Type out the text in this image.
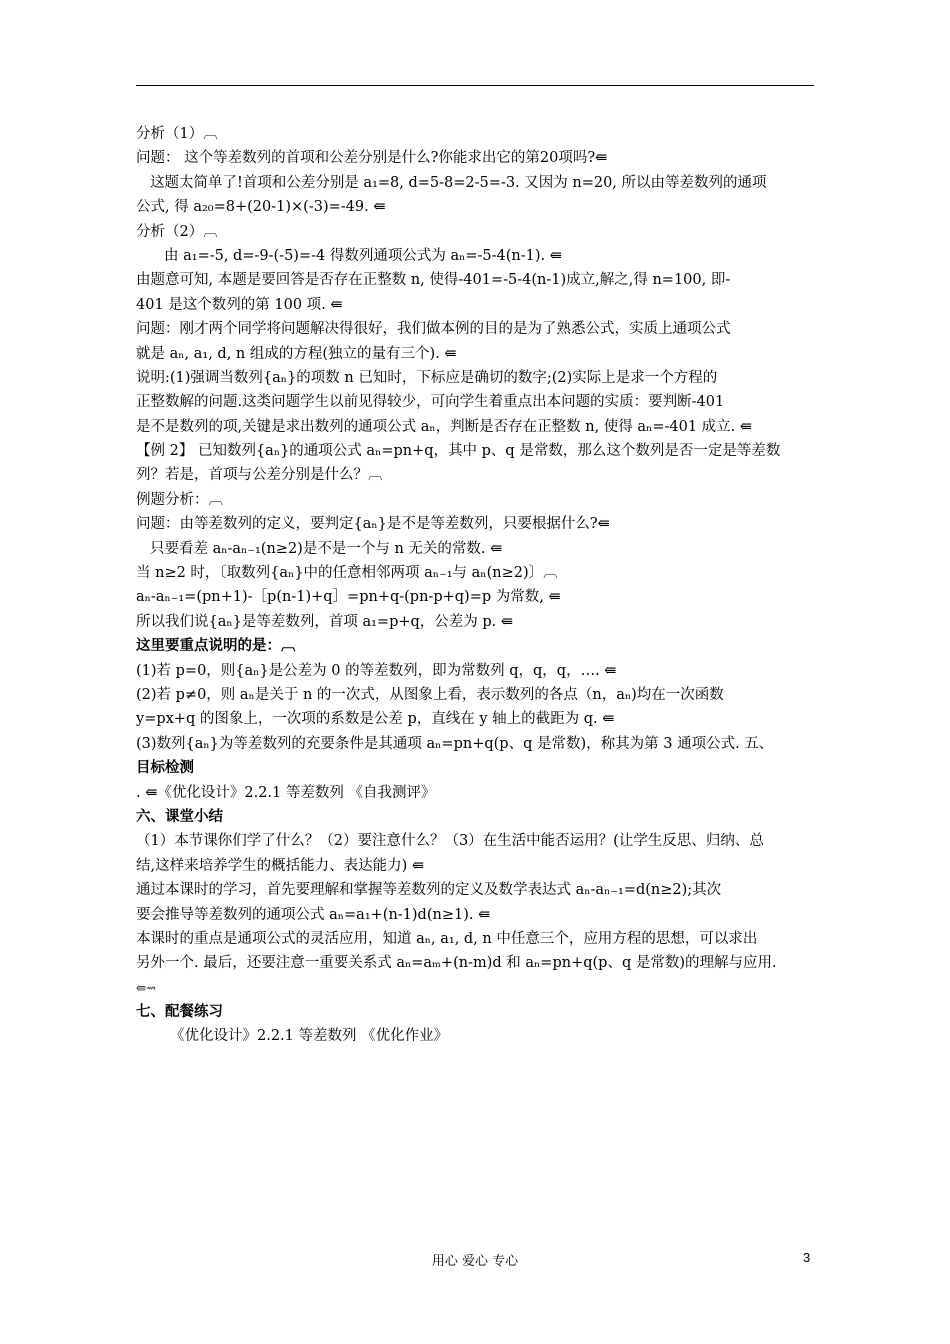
分析（1）︹
问题： 这个等差数列的首项和公差分别是什么?你能求出它的第20项吗?⇚
这题太简单了!首项和公差分别是 a₁=8, d=5-8=2-5=-3. 又因为 n=20, 所以由等差数列的通项
公式, 得 a₂₀=8+(20-1)×(-3)=-49. ⇚
分析（2）︹
由 a₁=-5, d=-9-(-5)=-4 得数列通项公式为 aₙ=-5-4(n-1). ⇚
由题意可知, 本题是要回答是否存在正整数 n, 使得-401=-5-4(n-1)成立,解之,得 n=100, 即-
401 是这个数列的第 100 项. ⇚
问题：刚才两个同学将问题解决得很好，我们做本例的目的是为了熟悉公式，实质上通项公式
就是 aₙ, a₁, d, n 组成的方程(独立的量有三个). ⇚
说明:(1)强调当数列{aₙ}的项数 n 已知时，下标应是确切的数字;(2)实际上是求一个方程的
正整数解的问题.这类问题学生以前见得较少，可向学生着重点出本问题的实质：要判断-401
是不是数列的项,关键是求出数列的通项公式 aₙ，判断是否存在正整数 n, 使得 aₙ=-401 成立. ⇚
【例 2】 已知数列{aₙ}的通项公式 aₙ=pn+q，其中 p、q 是常数，那么这个数列是否一定是等差数
列？若是，首项与公差分别是什么？︹
例题分析：︹
问题：由等差数列的定义，要判定{aₙ}是不是等差数列，只要根据什么?⇚
只要看差 aₙ-aₙ₋₁(n≥2)是不是一个与 n 无关的常数. ⇚
当 n≥2 时，〔取数列{aₙ}中的任意相邻两项 aₙ₋₁与 aₙ(n≥2)〕︹
aₙ-aₙ₋₁=(pn+1)-［p(n-1)+q］=pn+q-(pn-p+q)=p 为常数, ⇚
所以我们说{aₙ}是等差数列，首项 a₁=p+q，公差为 p. ⇚
这里要重点说明的是：︹
(1)若 p=0，则{aₙ}是公差为 0 的等差数列，即为常数列 q，q，q，…. ⇚
(2)若 p≠0，则 aₙ是关于 n 的一次式，从图象上看，表示数列的各点（n，aₙ)均在一次函数
y=px+q 的图象上，一次项的系数是公差 p，直线在 y 轴上的截距为 q. ⇚
(3)数列{aₙ}为等差数列的充要条件是其通项 aₙ=pn+q(p、q 是常数)，称其为第 3 通项公式. 五、
目标检测
. ⇚《优化设计》2.2.1 等差数列 《自我测评》
六、课堂小结
（1）本节课你们学了什么？（2）要注意什么？（3）在生活中能否运用？(让学生反思、归纳、总
结,这样来培养学生的概括能力、表达能力) ⇚
通过本课时的学习，首先要理解和掌握等差数列的定义及数学表达式 aₙ-aₙ₋₁=d(n≥2);其次
要会推导等差数列的通项公式 aₙ=a₁+(n-1)d(n≥1). ⇚
本课时的重点是通项公式的灵活应用，知道 aₙ, a₁, d, n 中任意三个，应用方程的思想，可以求出
另外一个. 最后，还要注意一重要关系式 aₙ=aₘ+(n-m)d 和 aₙ=pn+q(p、q 是常数)的理解与应用.
⇚⇝
七、配餐练习
《优化设计》2.2.1 等差数列 《优化作业》
用心 爱心 专心	3
